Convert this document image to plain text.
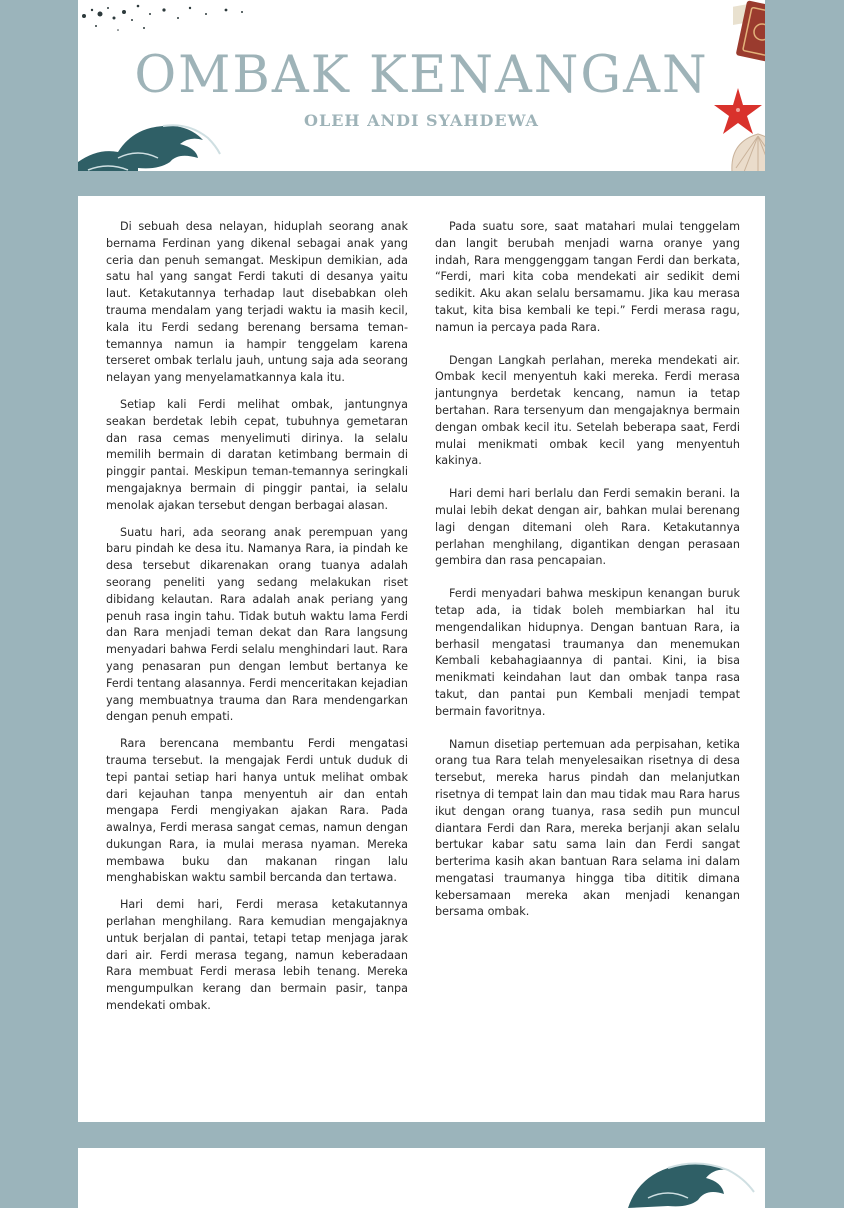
OMBAK KENANGAN
OLEH ANDI SYAHDEWA

Di sebuah desa nelayan, hiduplah seorang anak bernama Ferdinan yang dikenal sebagai anak yang ceria dan penuh semangat. Meskipun demikian, ada satu hal yang sangat Ferdi takuti di desanya yaitu laut. Ketakutannya terhadap laut disebabkan oleh trauma mendalam yang terjadi waktu ia masih kecil, kala itu Ferdi sedang berenang bersama teman-temannya namun ia hampir tenggelam karena terseret ombak terlalu jauh, untung saja ada seorang nelayan yang menyelamatkannya kala itu.

Setiap kali Ferdi melihat ombak, jantungnya seakan berdetak lebih cepat, tubuhnya gemetaran dan rasa cemas menyelimuti dirinya. Ia selalu memilih bermain di daratan ketimbang bermain di pinggir pantai. Meskipun teman-temannya seringkali mengajaknya bermain di pinggir pantai, ia selalu menolak ajakan tersebut dengan berbagai alasan.

Suatu hari, ada seorang anak perempuan yang baru pindah ke desa itu. Namanya Rara, ia pindah ke desa tersebut dikarenakan orang tuanya adalah seorang peneliti yang sedang melakukan riset dibidang kelautan. Rara adalah anak periang yang penuh rasa ingin tahu. Tidak butuh waktu lama Ferdi dan Rara menjadi teman dekat dan Rara langsung menyadari bahwa Ferdi selalu menghindari laut. Rara yang penasaran pun dengan lembut bertanya ke Ferdi tentang alasannya. Ferdi menceritakan kejadian yang membuatnya trauma dan Rara mendengarkan dengan penuh empati.

Rara berencana membantu Ferdi mengatasi trauma tersebut. Ia mengajak Ferdi untuk duduk di tepi pantai setiap hari hanya untuk melihat ombak dari kejauhan tanpa menyentuh air dan entah mengapa Ferdi mengiyakan ajakan Rara. Pada awalnya, Ferdi merasa sangat cemas, namun dengan dukungan Rara, ia mulai merasa nyaman. Mereka membawa buku dan makanan ringan lalu menghabiskan waktu sambil bercanda dan tertawa.

Hari demi hari, Ferdi merasa ketakutannya perlahan menghilang. Rara kemudian mengajaknya untuk berjalan di pantai, tetapi tetap menjaga jarak dari air. Ferdi merasa tegang, namun keberadaan Rara membuat Ferdi merasa lebih tenang. Mereka mengumpulkan kerang dan bermain pasir, tanpa mendekati ombak.

Pada suatu sore, saat matahari mulai tenggelam dan langit berubah menjadi warna oranye yang indah, Rara menggenggam tangan Ferdi dan berkata, “Ferdi, mari kita coba mendekati air sedikit demi sedikit. Aku akan selalu bersamamu. Jika kau merasa takut, kita bisa kembali ke tepi.” Ferdi merasa ragu, namun ia percaya pada Rara.

Dengan Langkah perlahan, mereka mendekati air. Ombak kecil menyentuh kaki mereka. Ferdi merasa jantungnya berdetak kencang, namun ia tetap bertahan. Rara tersenyum dan mengajaknya bermain dengan ombak kecil itu. Setelah beberapa saat, Ferdi mulai menikmati ombak kecil yang menyentuh kakinya.

Hari demi hari berlalu dan Ferdi semakin berani. Ia mulai lebih dekat dengan air, bahkan mulai berenang lagi dengan ditemani oleh Rara. Ketakutannya perlahan menghilang, digantikan dengan perasaan gembira dan rasa pencapaian.

Ferdi menyadari bahwa meskipun kenangan buruk tetap ada, ia tidak boleh membiarkan hal itu mengendalikan hidupnya. Dengan bantuan Rara, ia berhasil mengatasi traumanya dan menemukan Kembali kebahagiaannya di pantai. Kini, ia bisa menikmati keindahan laut dan ombak tanpa rasa takut, dan pantai pun Kembali menjadi tempat bermain favoritnya.

Namun disetiap pertemuan ada perpisahan, ketika orang tua Rara telah menyelesaikan risetnya di desa tersebut, mereka harus pindah dan melanjutkan risetnya di tempat lain dan mau tidak mau Rara harus ikut dengan orang tuanya, rasa sedih pun muncul diantara Ferdi dan Rara, mereka berjanji akan selalu bertukar kabar satu sama lain dan Ferdi sangat berterima kasih akan bantuan Rara selama ini dalam mengatasi traumanya hingga tiba dititik dimana kebersamaan mereka akan menjadi kenangan bersama ombak.
